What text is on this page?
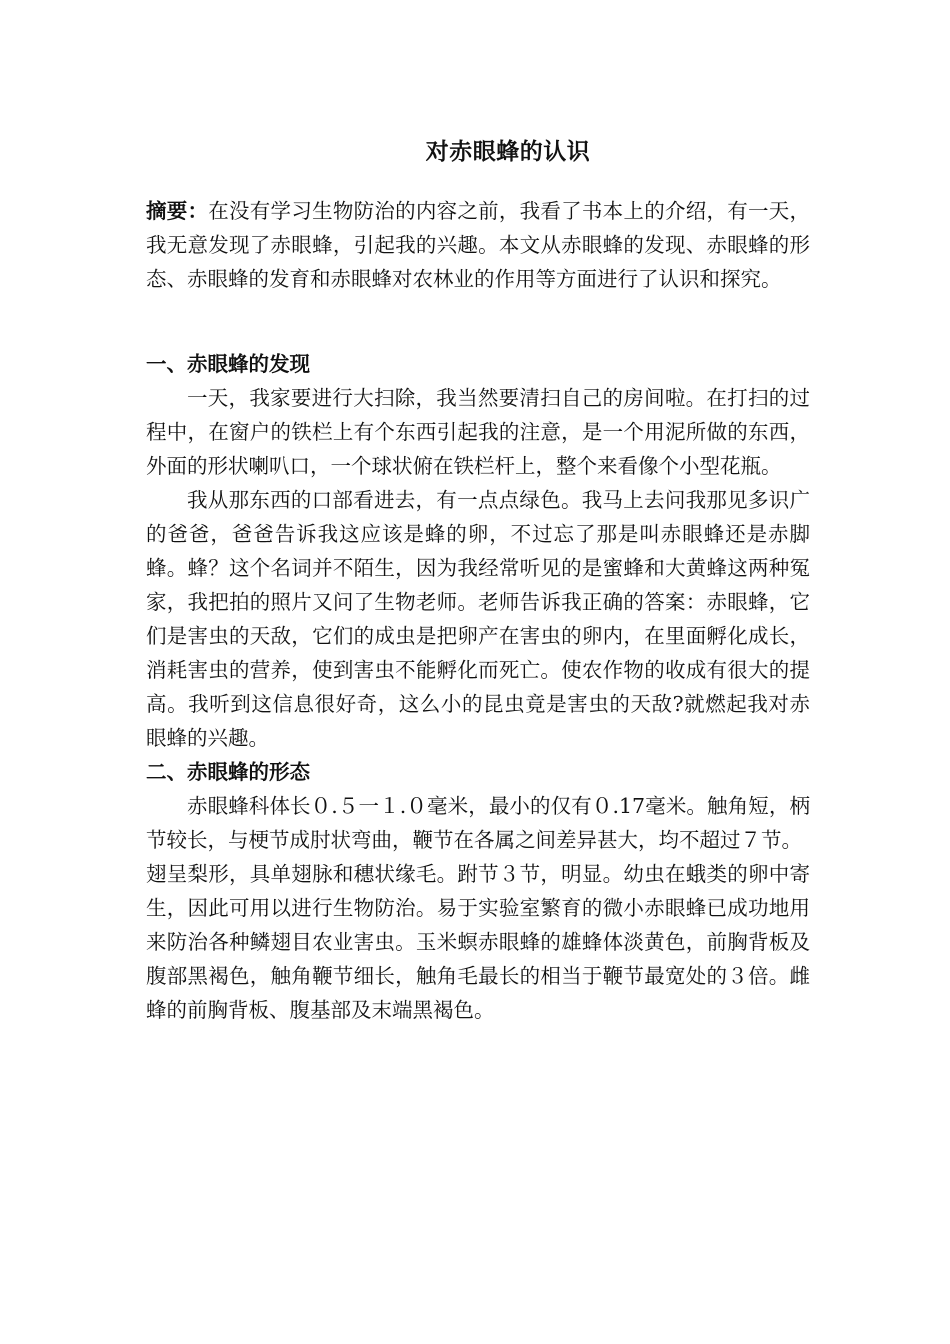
对赤眼蜂的认识

摘要：在没有学习生物防治的内容之前，我看了书本上的介绍，有一天，我无意发现了赤眼蜂，引起我的兴趣。本文从赤眼蜂的发现、赤眼蜂的形态、赤眼蜂的发育和赤眼蜂对农林业的作用等方面进行了认识和探究。

一、赤眼蜂的发现

一天，我家要进行大扫除，我当然要清扫自己的房间啦。在打扫的过程中，在窗户的铁栏上有个东西引起我的注意，是一个用泥所做的东西，外面的形状喇叭口，一个球状俯在铁栏杆上，整个来看像个小型花瓶。

我从那东西的口部看进去，有一点点绿色。我马上去问我那见多识广的爸爸，爸爸告诉我这应该是蜂的卵，不过忘了那是叫赤眼蜂还是赤脚蜂。蜂？这个名词并不陌生，因为我经常听见的是蜜蜂和大黄蜂这两种冤家，我把拍的照片又问了生物老师。老师告诉我正确的答案：赤眼蜂，它们是害虫的天敌，它们的成虫是把卵产在害虫的卵内，在里面孵化成长，消耗害虫的营养，使到害虫不能孵化而死亡。使农作物的收成有很大的提高。我听到这信息很好奇，这么小的昆虫竟是害虫的天敌?就燃起我对赤眼蜂的兴趣。

二、赤眼蜂的形态

赤眼蜂科体长０.５一１.０毫米，最小的仅有０.17毫米。触角短，柄节较长，与梗节成肘状弯曲，鞭节在各属之间差异甚大，均不超过７节。

翅呈梨形，具单翅脉和穗状缘毛。跗节３节，明显。幼虫在蛾类的卵中寄生，因此可用以进行生物防治。易于实验室繁育的微小赤眼蜂已成功地用来防治各种鳞翅目农业害虫。玉米螟赤眼蜂的雄蜂体淡黄色，前胸背板及腹部黑褐色，触角鞭节细长，触角毛最长的相当于鞭节最宽处的３倍。雌蜂的前胸背板、腹基部及末端黑褐色。
